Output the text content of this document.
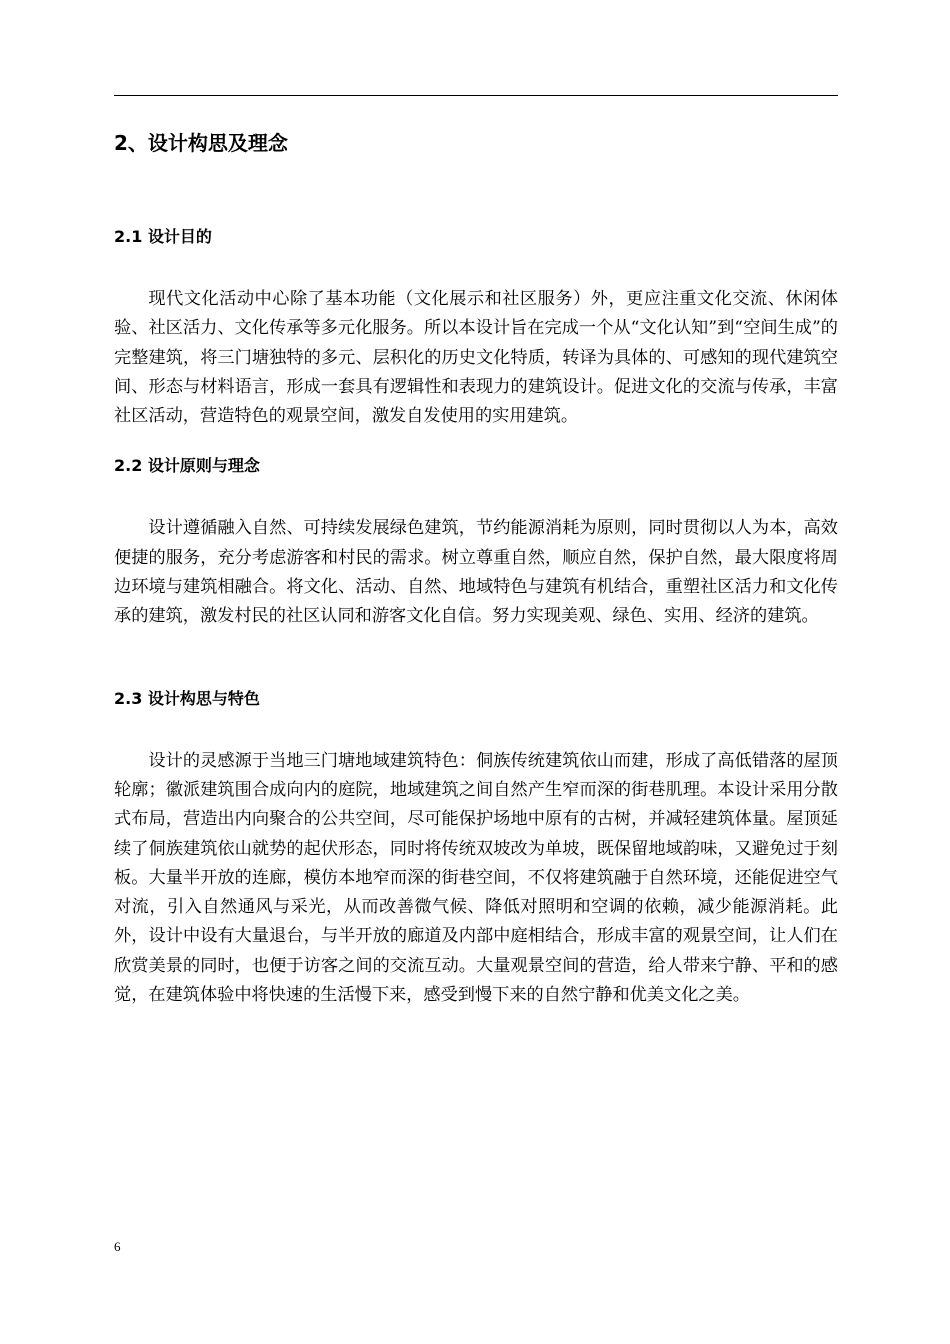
2、设计构思及理念
2.1 设计目的

现代文化活动中心除了基本功能（文化展示和社区服务）外，更应注重文化交流、休闲体验、社区活力、文化传承等多元化服务。所以本设计旨在完成一个从“文化认知”到“空间生成”的完整建筑，将三门塘独特的多元、层积化的历史文化特质，转译为具体的、可感知的现代建筑空间、形态与材料语言，形成一套具有逻辑性和表现力的建筑设计。促进文化的交流与传承，丰富社区活动，营造特色的观景空间，激发自发使用的实用建筑。

2.2 设计原则与理念

设计遵循融入自然、可持续发展绿色建筑，节约能源消耗为原则，同时贯彻以人为本，高效便捷的服务，充分考虑游客和村民的需求。树立尊重自然，顺应自然，保护自然，最大限度将周边环境与建筑相融合。将文化、活动、自然、地域特色与建筑有机结合，重塑社区活力和文化传承的建筑，激发村民的社区认同和游客文化自信。努力实现美观、绿色、实用、经济的建筑。

2.3 设计构思与特色

设计的灵感源于当地三门塘地域建筑特色：侗族传统建筑依山而建，形成了高低错落的屋顶轮廓；徽派建筑围合成向内的庭院，地域建筑之间自然产生窄而深的街巷肌理。本设计采用分散式布局，营造出内向聚合的公共空间，尽可能保护场地中原有的古树，并减轻建筑体量。屋顶延续了侗族建筑依山就势的起伏形态，同时将传统双坡改为单坡，既保留地域韵味，又避免过于刻板。大量半开放的连廊，模仿本地窄而深的街巷空间，不仅将建筑融于自然环境，还能促进空气对流，引入自然通风与采光，从而改善微气候、降低对照明和空调的依赖，减少能源消耗。此外，设计中设有大量退台，与半开放的廊道及内部中庭相结合，形成丰富的观景空间，让人们在欣赏美景的同时，也便于访客之间的交流互动。大量观景空间的营造，给人带来宁静、平和的感觉，在建筑体验中将快速的生活慢下来，感受到慢下来的自然宁静和优美文化之美。

6
